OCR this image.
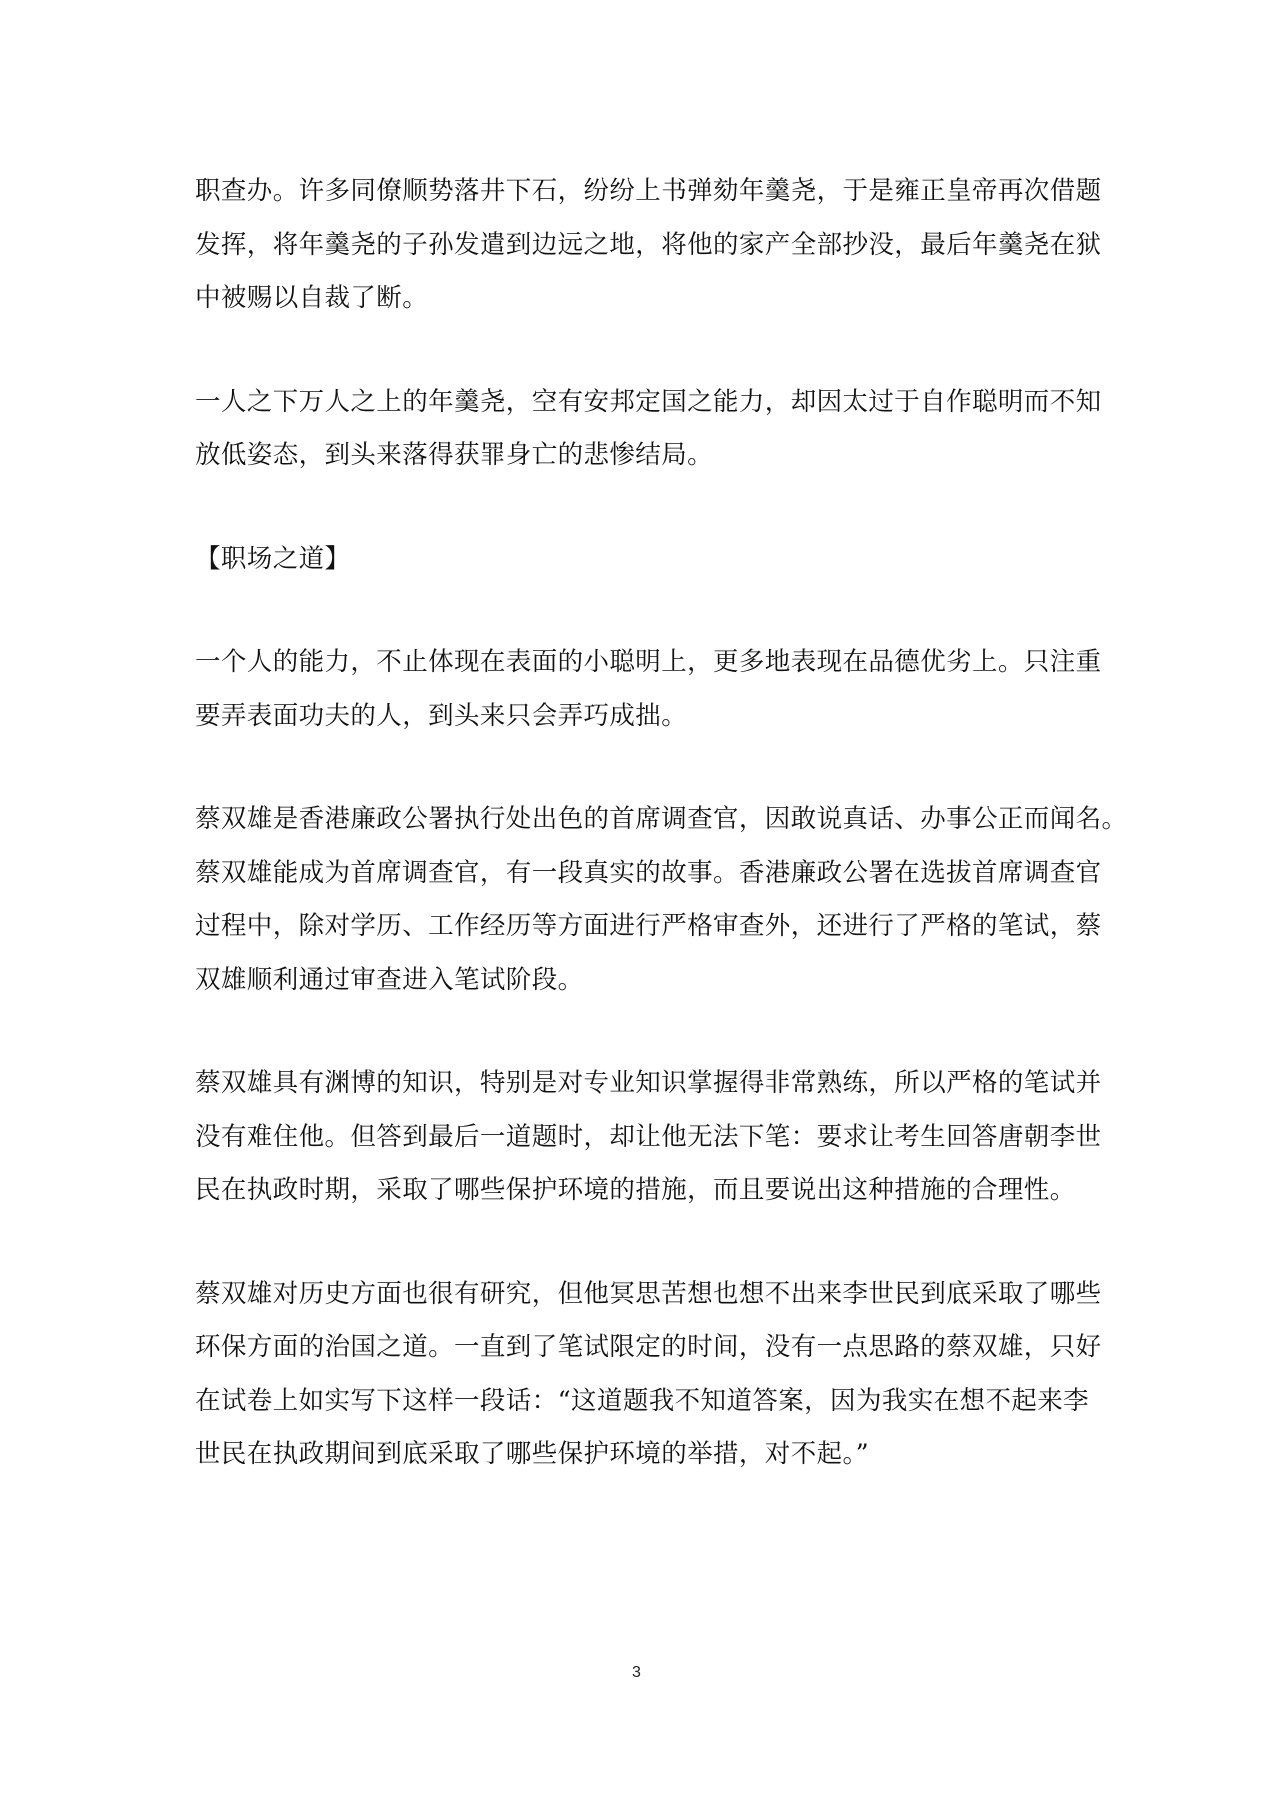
职查办。许多同僚顺势落井下石，纷纷上书弹劾年羹尧，于是雍正皇帝再次借题
发挥，将年羹尧的子孙发遣到边远之地，将他的家产全部抄没，最后年羹尧在狱
中被赐以自裁了断。

一人之下万人之上的年羹尧，空有安邦定国之能力，却因太过于自作聪明而不知
放低姿态，到头来落得获罪身亡的悲惨结局。

【职场之道】

一个人的能力，不止体现在表面的小聪明上，更多地表现在品德优劣上。只注重
要弄表面功夫的人，到头来只会弄巧成拙。

蔡双雄是香港廉政公署执行处出色的首席调查官，因敢说真话、办事公正而闻名。
蔡双雄能成为首席调查官，有一段真实的故事。香港廉政公署在选拔首席调查官
过程中，除对学历、工作经历等方面进行严格审查外，还进行了严格的笔试，蔡
双雄顺利通过审查进入笔试阶段。

蔡双雄具有渊博的知识，特别是对专业知识掌握得非常熟练，所以严格的笔试并
没有难住他。但答到最后一道题时，却让他无法下笔：要求让考生回答唐朝李世
民在执政时期，采取了哪些保护环境的措施，而且要说出这种措施的合理性。

蔡双雄对历史方面也很有研究，但他冥思苦想也想不出来李世民到底采取了哪些
环保方面的治国之道。一直到了笔试限定的时间，没有一点思路的蔡双雄，只好
在试卷上如实写下这样一段话：“这道题我不知道答案，因为我实在想不起来李
世民在执政期间到底采取了哪些保护环境的举措，对不起。”

3
